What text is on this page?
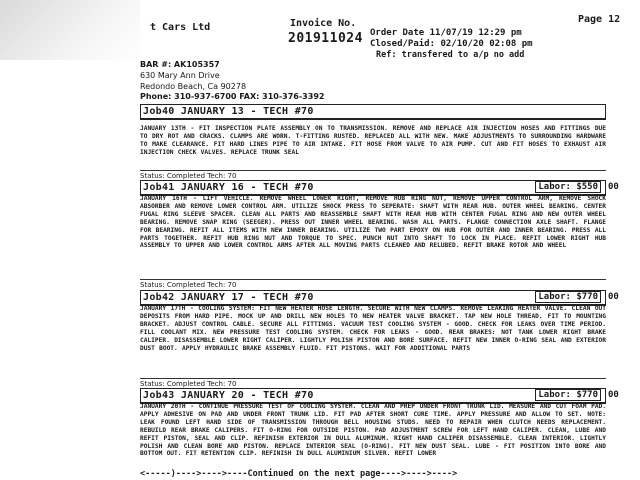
t Cars Ltd	Invoice No.
201911024
Page 12
Order Date 11/07/19 12:29 pm
Closed/Paid: 02/10/20 02:08 pm
Ref: transfered to a/p no add
BAR #: AK105357
630 Mary Ann Drive
Redondo Beach, Ca 90278
Phone: 310-937-6700 FAX: 310-376-3392
Job40 JANUARY 13 - TECH #70
JANUARY 13TH - FIT INSPECTION PLATE ASSEMBLY ON TO TRANSMISSION. REMOVE AND REPLACE AIR INJECTION HOSES AND FITTINGS DUE TO DRY ROT AND CRACKS. CLAMPS ARE WORN. T-FITTING RUSTED. REPLACED ALL WITH NEW. MAKE ADJUSTMENTS TO SURROUNDING HARDWARE TO MAKE CLEARANCE. FIT HARD LINES PIPE TO AIR INTAKE. FIT HOSE FROM VALVE TO AIR PUMP. CUT AND FIT HOSES TO EXHAUST AIR INJECTION CHECK VALVES. REPLACE TRUNK SEAL
Status: Completed Tech: 70
Job41 JANUARY 16 - TECH #70	Labor: $550	00
JANUARY 16TH - LIFT VEHICLE. REMOVE WHEEL LOWER RIGHT, REMOVE HUB RING NUT, REMOVE UPPER CONTROL ARM, REMOVE SHOCK ABSORBER AND REMOVE LOWER CONTROL ARM. UTILIZE SHOCK PRESS TO SEPERATE: SHAFT WITH REAR HUB. OUTER WHEEL BEARING. CENTER FUGAL RING SLEEVE SPACER. CLEAN ALL PARTS AND REASSEMBLE SHAFT WITH REAR HUB WITH CENTER FUGAL RING AND NEW OUTER WHEEL BEARING. REMOVE SNAP RING (SEEGER). PRESS OUT INNER WHEEL BEARING. WASH ALL PARTS. FLANGE CONNECTION AXLE SHAFT. FLANGE FOR BEARING. REFIT ALL ITEMS WITH NEW INNER BEARING. UTILIZE TWO PART EPOXY ON HUB FOR OUTER AND INNER BEARING. PRESS ALL PARTS TOGETHER. REFIT HUB RING NUT AND TORQUE TO SPEC. PUNCH NUT INTO SHAFT TO LOCK IN PLACE. REFIT LOWER RIGHT HUB ASSEMBLY TO UPPER AND LOWER CONTROL ARMS AFTER ALL MOVING PARTS CLEANED AND RELUBED. REFIT BRAKE ROTOR AND WHEEL
Status: Completed Tech: 70
Job42 JANUARY 17 - TECH #70	Labor: $770	00
JANUARY 17TH - COOLING SYSTEM: FIT NEW HEATER HOSE LENGTH. SECURE WITH NEW CLAMPS. REMOVE LEAKING HEATER VALVE. CLEAN OUT DEPOSITS FROM HARD PIPE. MOCK UP AND DRILL NEW HOLES TO NEW HEATER VALVE BRACKET. TAP NEW HOLE THREAD. FIT TO MOUNTING BRACKET. ADJUST CONTROL CABLE. SECURE ALL FITTINGS. VACUUM TEST COOLING SYSTEM - GOOD. CHECK FOR LEAKS OVER TIME PERIOD. FILL COOLANT MIX. NEW PRESSURE TEST COOLING SYSTEM. CHECK FOR LEAKS - GOOD. REAR BRAKES: NOT TANK LOWER RIGHT BRAKE CALIPER. DISASSEMBLE LOWER RIGHT CALIPER. LIGHTLY POLISH PISTON AND BORE SURFACE. REFIT NEW INNER O-RING SEAL AND EXTERIOR DUST BOOT. APPLY HYDRAULIC BRAKE ASSEMBLY FLUID. FIT PISTONS. WAIT FOR ADDITIONAL PARTS
Status: Completed Tech: 70
Job43 JANUARY 20 - TECH #70	Labor: $770	00
JANUARY 20TH - CONTINUE PRESSURE TEST OF COOLING SYSTEM. CLEAN AND PREP UNDER FRONT TRUNK LID. MEASURE AND CUT FOAM PAD. APPLY ADHESIVE ON PAD AND UNDER FRONT TRUNK LID. FIT PAD AFTER SHORT CURE TIME. APPLY PRESSURE AND ALLOW TO SET. NOTE: LEAK FOUND LEFT HAND SIDE OF TRANSMISSION THROUGH BELL HOUSING STUDS. NEED TO REPAIR WHEN CLUTCH NEEDS REPLACEMENT. REBUILD REAR BRAKE CALIPERS. FIT O-RING FOR OUTSIDE PISTON. PAD ADJUSTMENT SCREW FOR LEFT HAND CALIPER. CLEAN, LUBE AND REFIT PISTON, SEAL AND CLIP. REFINISH EXTERIOR IN DULL ALUMINUM. RIGHT HAND CALIPER DISASSEMBLE. CLEAN INTERIOR. LIGHTLY POLISH AND CLEAN BORE AND PISTON. REPLACE INTERIOR SEAL (O-RING). FIT NEW DUST SEAL. LUBE - FIT POSITION INTO BORE AND BOTTOM OUT. FIT RETENTION CLIP. REFINISH IN DULL ALUMINIUM SILVER. REFIT LOWER
<-----)---->---->----Continued on the next page---->---->---->
